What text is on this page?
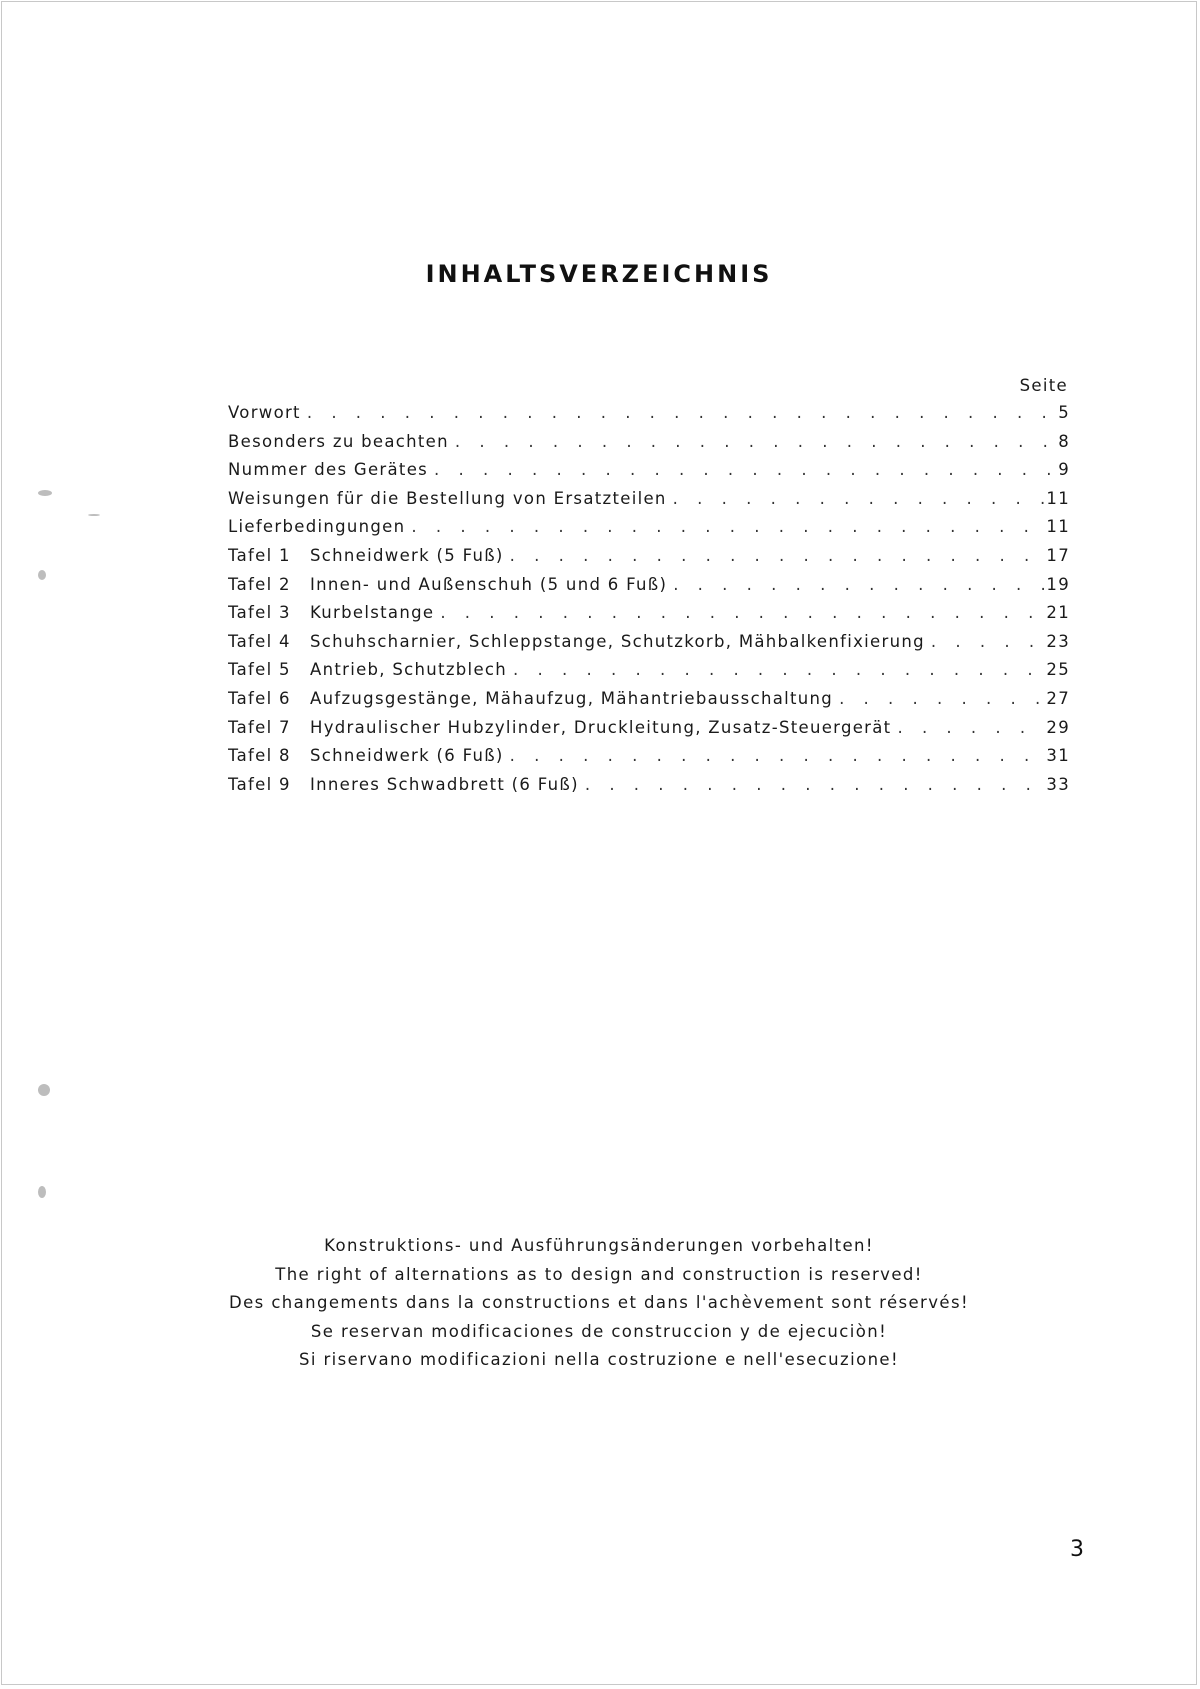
INHALTSVERZEICHNIS
Seite
Vorwort . . .	5
Besonders zu beachten . . .	8
Nummer des Gerätes . . .	9
Weisungen für die Bestellung von Ersatzteilen . . .	11
Lieferbedingungen . . .	11
Tafel 1	Schneidwerk (5 Fuß) . . .	17
Tafel 2	Innen- und Außenschuh (5 und 6 Fuß) . . .	19
Tafel 3	Kurbelstange . . .	21
Tafel 4	Schuhscharnier, Schleppstange, Schutzkorb, Mähbalkenfixierung . . .	23
Tafel 5	Antrieb, Schutzblech . . .	25
Tafel 6	Aufzugsgestänge, Mähaufzug, Mähantriebausschaltung . . .	27
Tafel 7	Hydraulischer Hubzylinder, Druckleitung, Zusatz-Steuergerät . . .	29
Tafel 8	Schneidwerk (6 Fuß) . . .	31
Tafel 9	Inneres Schwadbrett (6 Fuß) . . .	33
Konstruktions- und Ausführungsänderungen vorbehalten!
The right of alternations as to design and construction is reserved!
Des changements dans la constructions et dans l'achèvement sont réservés!
Se reservan modificaciones de construccion y de ejecuciòn!
Si riservano modificazioni nella costruzione e nell'esecuzione!
3
